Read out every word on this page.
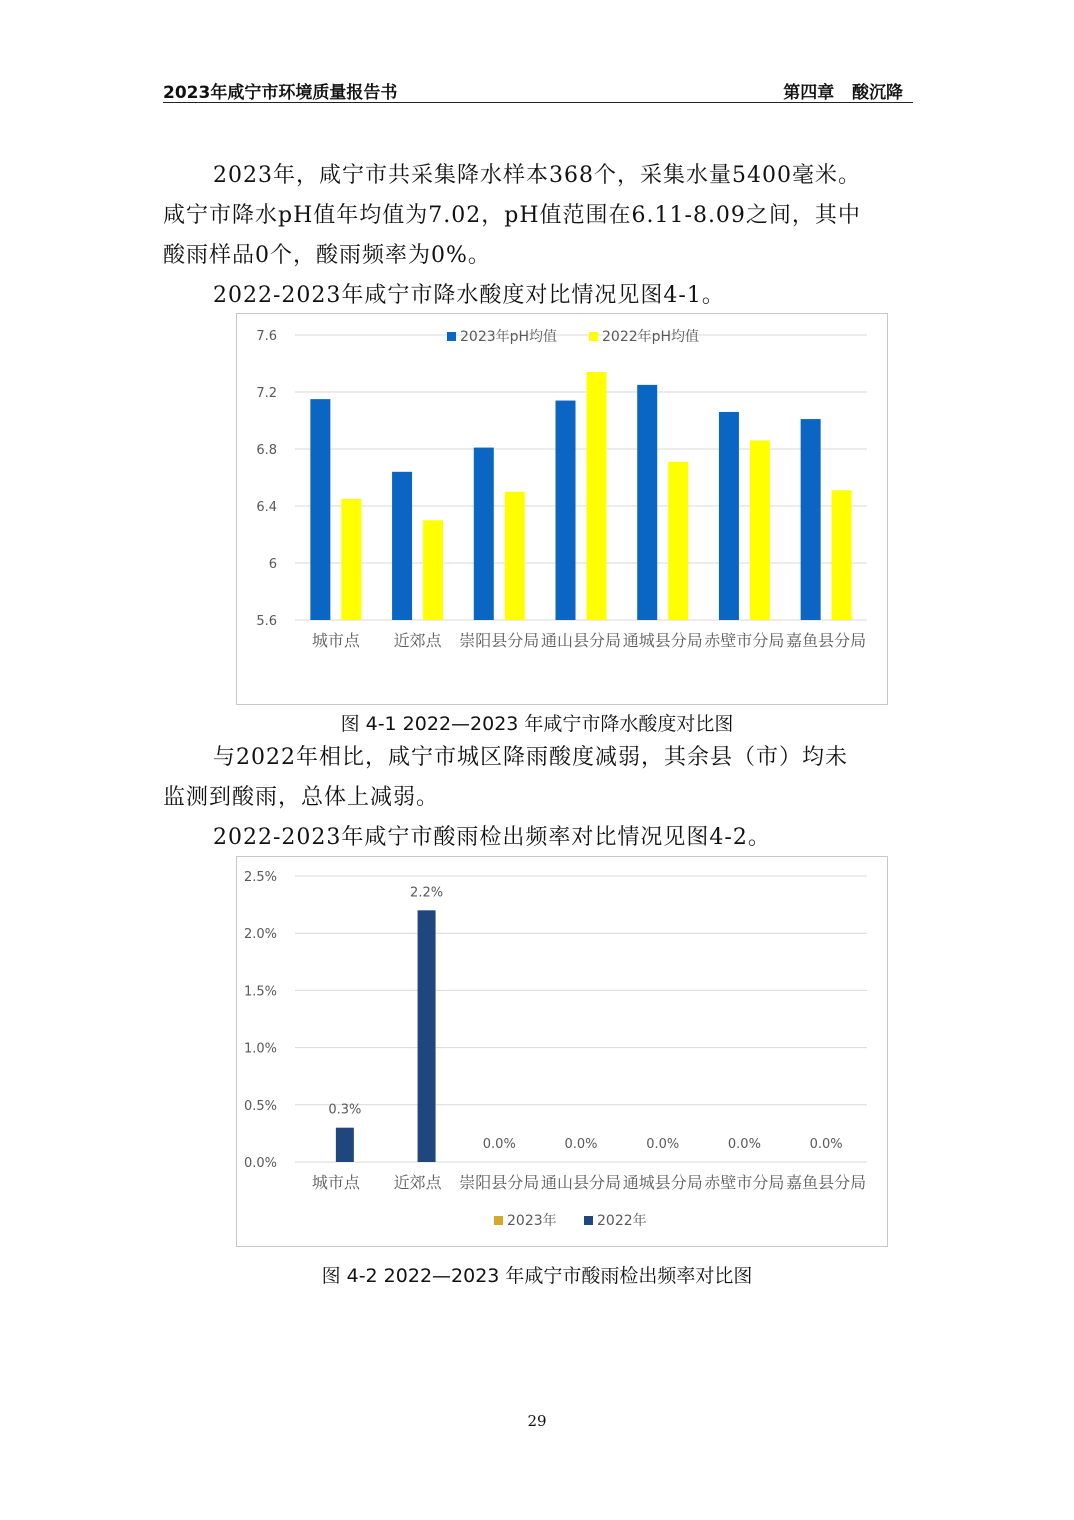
2023年咸宁市环境质量报告书	第四章   酸沉降
2023年，咸宁市共采集降水样本368个，采集水量5400毫米。
咸宁市降水pH值年均值为7.02，pH值范围在6.11-8.09之间，其中
酸雨样品0个，酸雨频率为0%。
2022-2023年咸宁市降水酸度对比情况见图4-1。
5.6
6
6.4
6.8
7.2
7.6
城市点 近郊点 崇阳县分局 通山县分局 通城县分局 赤壁市分局 嘉鱼县分局
2023年pH均值	2022年pH均值
图 4-1 2022—2023 年咸宁市降水酸度对比图
与2022年相比，咸宁市城区降雨酸度减弱，其余县（市）均未
监测到酸雨，总体上减弱。
2022-2023年咸宁市酸雨检出频率对比情况见图4-2。
0.0%
0.5%
1.0%
1.5%
2.0%
2.5%
城市点
0.3%
近郊点
2.2%
崇阳县分局
0.0%
通山县分局
0.0%
通城县分局
0.0%
赤壁市分局
0.0%
嘉鱼县分局
0.0%
2023年	2022年
图 4-2 2022—2023 年咸宁市酸雨检出频率对比图
29
